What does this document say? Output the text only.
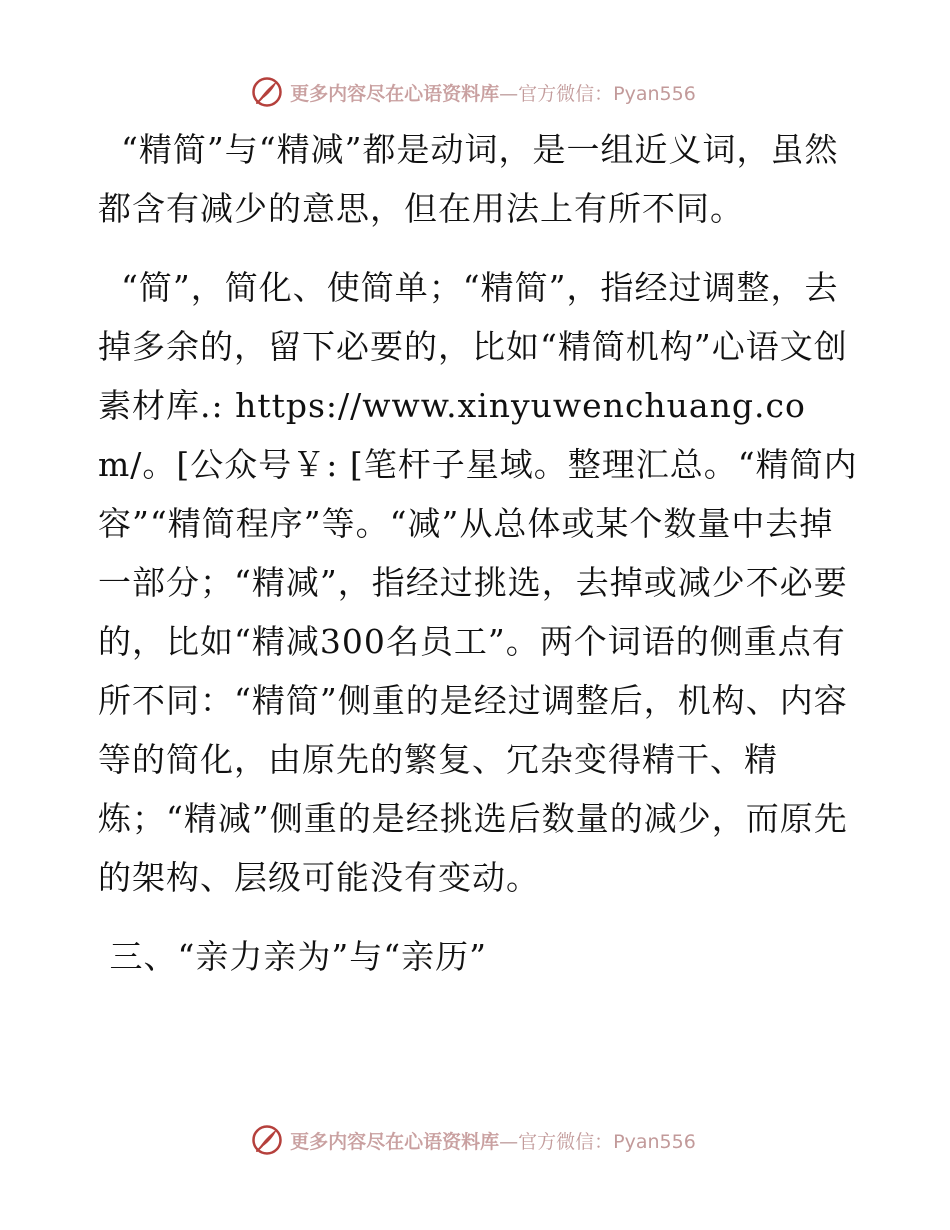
更多内容尽在心语资料库—官方微信：Pyan556

“精简”与“精减”都是动词，是一组近义词，虽然都含有减少的意思，但在用法上有所不同。

“简”，简化、使简单；“精简”，指经过调整，去掉多余的，留下必要的，比如“精简机构”心语文创素材库.: https://www.xinyuwenchuang.com/。[公众号￥: [笔杆子星域。整理汇总。“精简内容”“精简程序”等。“减”从总体或某个数量中去掉一部分；“精减”，指经过挑选，去掉或减少不必要的，比如“精减300名员工”。两个词语的侧重点有所不同：“精简”侧重的是经过调整后，机构、内容等的简化，由原先的繁复、冗杂变得精干、精炼；“精减”侧重的是经挑选后数量的减少，而原先的架构、层级可能没有变动。

三、“亲力亲为”与“亲历”

更多内容尽在心语资料库—官方微信：Pyan556
